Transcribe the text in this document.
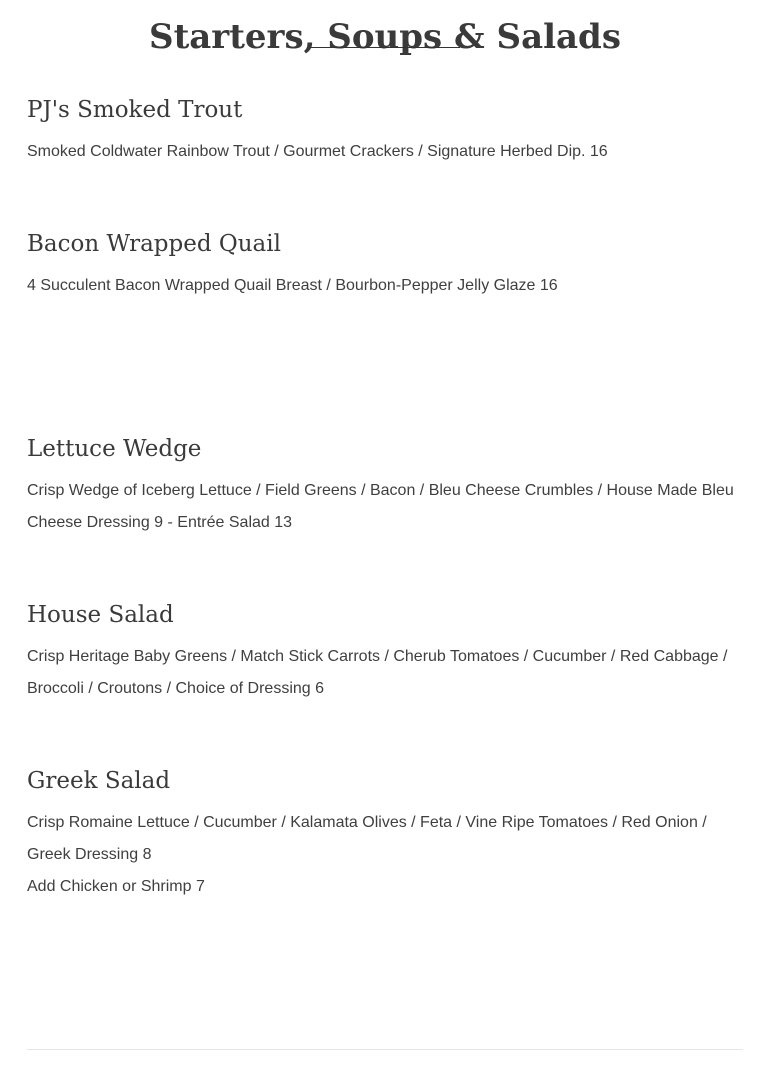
Starters, Soups & Salads
PJ's Smoked Trout

Smoked Coldwater Rainbow Trout / Gourmet Crackers / Signature Herbed Dip. 16

Bacon Wrapped Quail

4 Succulent Bacon Wrapped Quail Breast / Bourbon-Pepper Jelly Glaze 16

Lettuce Wedge

Crisp Wedge of Iceberg Lettuce / Field Greens / Bacon / Bleu Cheese Crumbles / House Made Bleu Cheese Dressing 9 - Entrée Salad 13

House Salad

Crisp Heritage Baby Greens / Match Stick Carrots / Cherub Tomatoes / Cucumber / Red Cabbage / Broccoli / Croutons / Choice of Dressing 6

Greek Salad

Crisp Romaine Lettuce / Cucumber / Kalamata Olives / Feta / Vine Ripe Tomatoes / Red Onion / Greek Dressing 8

Add Chicken or Shrimp 7
